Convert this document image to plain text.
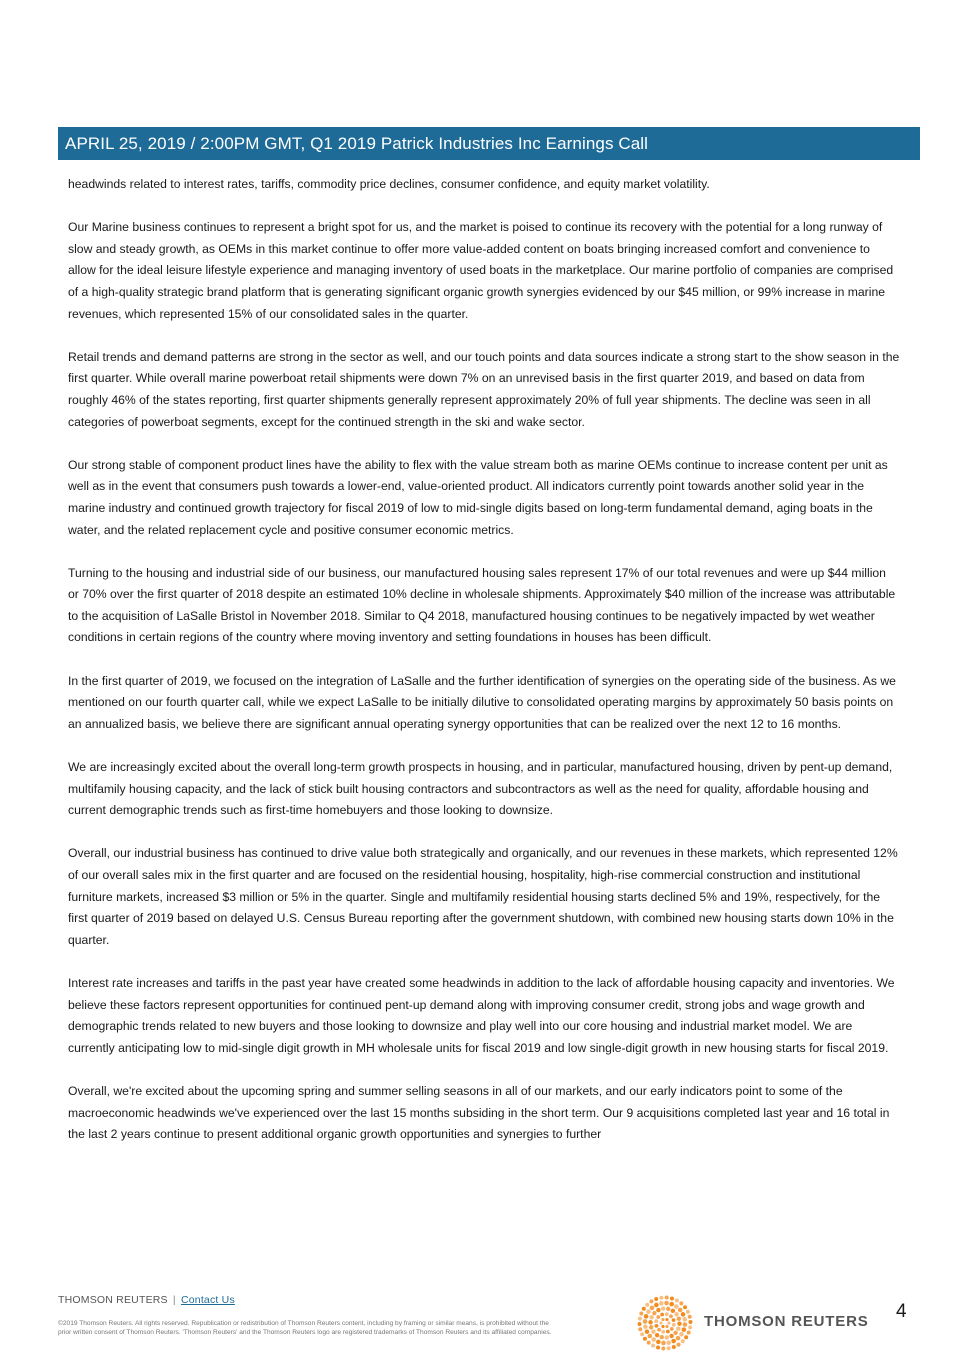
APRIL 25, 2019 / 2:00PM GMT, Q1 2019 Patrick Industries Inc Earnings Call

headwinds related to interest rates, tariffs, commodity price declines, consumer confidence, and equity market volatility.

Our Marine business continues to represent a bright spot for us, and the market is poised to continue its recovery with the potential for a long runway of slow and steady growth, as OEMs in this market continue to offer more value-added content on boats bringing increased comfort and convenience to allow for the ideal leisure lifestyle experience and managing inventory of used boats in the marketplace. Our marine portfolio of companies are comprised of a high-quality strategic brand platform that is generating significant organic growth synergies evidenced by our $45 million, or 99% increase in marine revenues, which represented 15% of our consolidated sales in the quarter.

Retail trends and demand patterns are strong in the sector as well, and our touch points and data sources indicate a strong start to the show season in the first quarter. While overall marine powerboat retail shipments were down 7% on an unrevised basis in the first quarter 2019, and based on data from roughly 46% of the states reporting, first quarter shipments generally represent approximately 20% of full year shipments. The decline was seen in all categories of powerboat segments, except for the continued strength in the ski and wake sector.

Our strong stable of component product lines have the ability to flex with the value stream both as marine OEMs continue to increase content per unit as well as in the event that consumers push towards a lower-end, value-oriented product. All indicators currently point towards another solid year in the marine industry and continued growth trajectory for fiscal 2019 of low to mid-single digits based on long-term fundamental demand, aging boats in the water, and the related replacement cycle and positive consumer economic metrics.

Turning to the housing and industrial side of our business, our manufactured housing sales represent 17% of our total revenues and were up $44 million or 70% over the first quarter of 2018 despite an estimated 10% decline in wholesale shipments. Approximately $40 million of the increase was attributable to the acquisition of LaSalle Bristol in November 2018. Similar to Q4 2018, manufactured housing continues to be negatively impacted by wet weather conditions in certain regions of the country where moving inventory and setting foundations in houses has been difficult.

In the first quarter of 2019, we focused on the integration of LaSalle and the further identification of synergies on the operating side of the business. As we mentioned on our fourth quarter call, while we expect LaSalle to be initially dilutive to consolidated operating margins by approximately 50 basis points on an annualized basis, we believe there are significant annual operating synergy opportunities that can be realized over the next 12 to 16 months.

We are increasingly excited about the overall long-term growth prospects in housing, and in particular, manufactured housing, driven by pent-up demand, multifamily housing capacity, and the lack of stick built housing contractors and subcontractors as well as the need for quality, affordable housing and current demographic trends such as first-time homebuyers and those looking to downsize.

Overall, our industrial business has continued to drive value both strategically and organically, and our revenues in these markets, which represented 12% of our overall sales mix in the first quarter and are focused on the residential housing, hospitality, high-rise commercial construction and institutional furniture markets, increased $3 million or 5% in the quarter. Single and multifamily residential housing starts declined 5% and 19%, respectively, for the first quarter of 2019 based on delayed U.S. Census Bureau reporting after the government shutdown, with combined new housing starts down 10% in the quarter.

Interest rate increases and tariffs in the past year have created some headwinds in addition to the lack of affordable housing capacity and inventories. We believe these factors represent opportunities for continued pent-up demand along with improving consumer credit, strong jobs and wage growth and demographic trends related to new buyers and those looking to downsize and play well into our core housing and industrial market model. We are currently anticipating low to mid-single digit growth in MH wholesale units for fiscal 2019 and low single-digit growth in new housing starts for fiscal 2019.

Overall, we're excited about the upcoming spring and summer selling seasons in all of our markets, and our early indicators point to some of the macroeconomic headwinds we've experienced over the last 15 months subsiding in the short term. Our 9 acquisitions completed last year and 16 total in the last 2 years continue to present additional organic growth opportunities and synergies to further

THOMSON REUTERS | Contact Us
©2019 Thomson Reuters. All rights reserved. Republication or redistribution of Thomson Reuters content, including by framing or similar means, is prohibited without the prior written consent of Thomson Reuters. 'Thomson Reuters' and the Thomson Reuters logo are registered trademarks of Thomson Reuters and its affiliated companies.
THOMSON REUTERS 4
